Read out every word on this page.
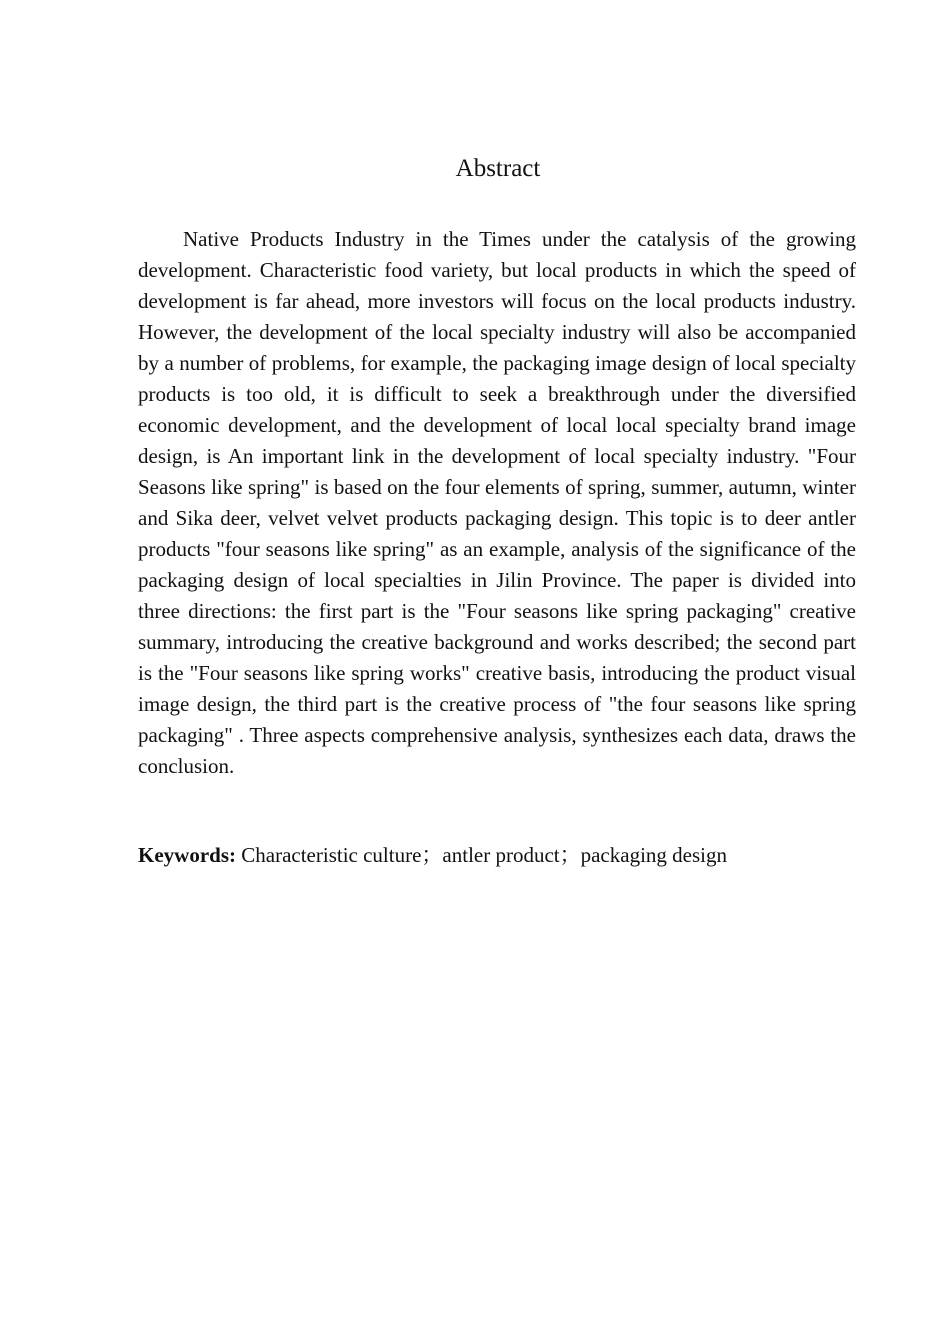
Abstract

Native Products Industry in the Times under the catalysis of the growing development. Characteristic food variety, but local products in which the speed of development is far ahead, more investors will focus on the local products industry. However, the development of the local specialty industry will also be accompanied by a number of problems, for example, the packaging image design of local specialty products is too old, it is difficult to seek a breakthrough under the diversified economic development, and the development of local local specialty brand image design, is An important link in the development of local specialty industry. "Four Seasons like spring" is based on the four elements of spring, summer, autumn, winter and Sika deer, velvet velvet products packaging design. This topic is to deer antler products "four seasons like spring" as an example, analysis of the significance of the packaging design of local specialties in Jilin Province. The paper is divided into three directions: the first part is the "Four seasons like spring packaging" creative summary, introducing the creative background and works described; the second part is the "Four seasons like spring works" creative basis, introducing the product visual image design, the third part is the creative process of "the four seasons like spring packaging" . Three aspects comprehensive analysis, synthesizes each data, draws the conclusion.

Keywords: Characteristic culture；antler product；packaging design
